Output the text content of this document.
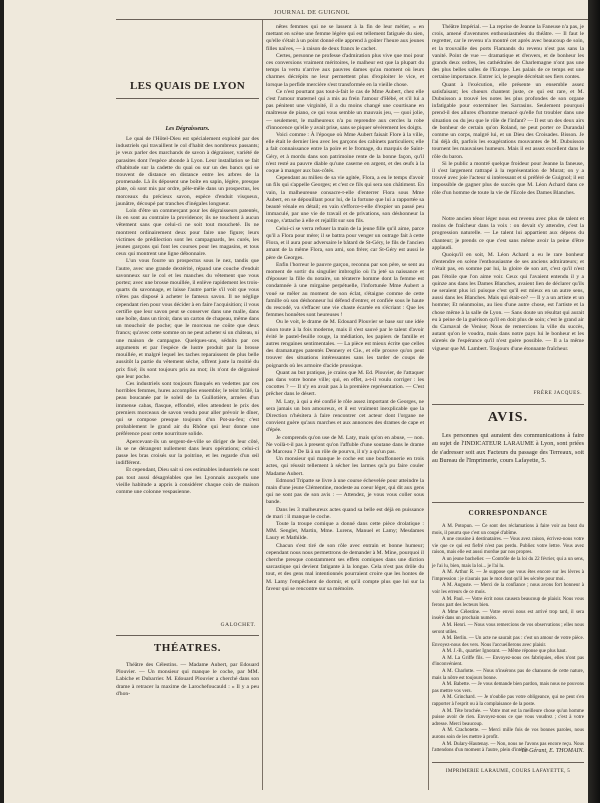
JOURNAL DE GUIGNOL
LES QUAIS DE LYON
Les Dégraisseurs.

Le quai de l'Hôtel-Dieu est spécialement exploité par des industriels qui travaillent le col d'habit des nombreux passants; je veux parler des marchands de savon à dégraisser, variété de parasites dont l'espèce abonde à Lyon. Leur installation se fait d'habitude sur la cadette du quai ou sur un des bancs qui se trouvent de distance en distance entre les arbres de la promenade. Là ils déposent une boîte en sapin, légère, presque plate, où sont mis par ordre, pêle-mêle dans un prospectus, les morceaux du précieux savon, espèce d'enduit visqueux, jaunâtre, découpé par tranches d'inégales longueur.

Loin d'être un commerçant pour les dégraisseurs patentés, ils en sont au contraire la providence; ils ne touchent à aucun vêtement sans que celui-ci ne soit tout moucheté. Ils ne montrent ordinairement deux pour faire une figure; leurs victimes de prédilection sont les campagnards, les curés, les jeunes garçons qui font les courses pour les magasins, et tous ceux qui montrent une ligne débonnaire.

L'un vous fourre un prospectus sous le nez, tandis que l'autre, avec une grande dextérité, répand une couche d'enduit savonneux sur le col et les manches du vêtement que vous portez; avec une brosse mouillée, il enlève rapidement les trois-quarts du savonnage, et laisse l'autre partie s'il voit que vous n'êtes pas disposé à acheter le fameux savon. Il ne néglige cependant rien pour vous décider à en faire l'acquisition; il vous certifie que leur savon peut se conserver dans une malle, dans une boîte, dans un tiroir, dans un carton de chapeau, même dans un mouchoir de poche; que le morceau ne coûte que deux francs; qu'avec cette somme on ne peut acheter si un château, ni une maison de campagne. Quelques-uns, séduits par ces arguments et par l'espèce de lustre produit par la brosse mouillée, et malgré lequel les taches reparaissent de plus belle aussitôt la partie du vêtement sèche, offrent juste la moitié du prix fixé; ils sont toujours pris au mot; ils n'ont de dégraissé que leur poche.

Ces industriels sont toujours flanqués en vedettes par ces horribles femmes, hures accomplies ensemble; le teint brûlé, la peau boucanée par le soleil de la Guillotière, armées d'un immense cabas, flasque, effondré, elles attendent le prix des premiers morceaux de savon vendu pour aller prévoir le dîner, qui se compose presque toujours d'un Pot-au-feu; c'est probablement le grand air du Rhône qui leur donne une préférence pour cette nourriture solide.

Apercevant-ils un sergent-de-ville se diriger de leur côté, ils se ne dérangent nullement dans leurs opérations; celui-ci passe les bras croisés sur la poitrine, et les regarde d'un œil indifférent.

Et cependant, Dieu sait si ces estimables industriels ne sont pas tout aussi désagréables que les Lyonnais auxquels une vieille habitude a appris à considérer chaque coin de maison comme une colonne vespasienne.

GALOCHET.
THÉATRES.

Théâtre des Célestins. — Madame Aubert, par Edouard Plouvier. — Un monsieur qui manque le coche, par MM. Labiche et Dubarrier. M. Edouard Plouvier a cherché dans son drame à retracer la maxime de Larochefoucauld : « Il y a peu d'hon-

nêtes femmes qui ne se lassent à la fin de leur métier, » en mettant en scène une femme légère qui est tellement fatiguée du sien, qu'elle s'était à un point donné elle apprend à goûter l'heure aux jeunes filles naïves, — à raison de deux francs le cachet.

Certes, personne ne professe d'admiration plus vive que moi pour ces conversions vraiment méritoires, le malheur est que la plupart du temps la vertu n'arrive aux pauvres dames qu'au moment où leurs charmes décrépits ne leur permettent plus d'exploiter le vice, et lorsque la perfide mercière s'est transformée en la vieille chose.

Ce n'est pourtant pas tout-à-fait le cas de Mme Aubert, chez elle c'est l'amour maternel qui a mis au frein l'amour d'Hébé, et s'il lui a pas pénitent une virginité, il a du moins changé une courtisane en maîtresse de piano, ce qui vous semble un mauvais jeu, — quoi jolie, — seulement, le malheureux n'a pu reprendre aux cercles la robe d'innocence qu'elle y avait prise, sans se piquer sévèrement les doigts.

Voici comme : À l'époque où Mme Aubert faisait Flore à la ville, elle était le dernier lieu avec les garçons des cabinets particuliers; elle a fait connaissance entre la poire et le fromage, du marquis de Saint-Géry, et à mordu dans son patrimoine rente de la bonne façon, qu'il n'est resté au pauvre diable qu'une caserne en argent, et des œufs à la coque à manger aux bas-côtés.

Cependant au milieu de sa vie agitée, Flora, a eu le temps d'avoir un fils qui s'appelle Georges; et c'est ce fils qui sera son châtiment. En vain, la malheureuse consacre-t-elle d'enterrer Flora sous Mme Aubert, en se dépouillant pour lui, de la fortune que lui a rapportée sa beauté vénale en détail; en vain s'efforce-t-elle d'expier un passé peu immaculé, par une vie de travail et de privations, son déshonneur la ronge, s'attache à elle et rejaillit sur son fils.

Celui-ci se verra refuser la main de la jeune fille qu'il aime, parce qu'il a Flora pour mère; il se battra pour venger un outrage fait à cette Flora, et il aura pour adversaire le bâtard de St-Géry, le fils de l'ancien amant de la même Flora, son ami, son frère; car St-Géry est aussi le père de Georges.

Enfin l'horreur le pauvre garçon, reconnu par son père, se sent au moment de sortir du singulier imbroglio où l'a jeté sa naissance et d'épouser la fille du notaire, un tératerre homme dont la femme est condamnée à une mirgaine perpétuelle, l'infortunée Mme Aubert a voué se mêler au moment de son éclat, s'étaigne comme de cette famille où son déshonneur lui défend d'entrer, et confiée sous le haute du rescodé, va s'effacer une vie chaste écartée en s'écriant : Que les femmes honnêtes sont heureuses !

Ou le voit, le drame de M. Edouard Plouvier se base sur une idée sinon toute à la fois moderne, mais il s'est sauvé par le talent d'avoir évité le pastel-feuille rouge, la médiation, les papiers de famille et autres rengaines sentimentales. — La pièce est mieux écrite que celles des dramaturges patentés Dennery et Cie., et elle prouve qu'on peut trouver des situations intéressantes sans les tarder de coups de poignards où les armoire d'acide prussique.

Quant au but pratique, je crains que M. Ed. Plouvier, de l'attaquer pas dans votre bonne ville; qui, en effet, a-t-il voulu corriger : les cocottes ? — Il n'y en avait pas à la première représentation. — C'est prêcher dans le désert.

M. Laty, à qui a été confié le rôle assez important de Georges, ne sera jamais un bon amoureux, et il est vraiment inexplicable que la Direction n'hésitera à faire rencontrer cet acteur dont l'organe ne convient guère qu'aux marches et aux annonces des drames de cape et d'épée.

Je comprends qu'on use de M. Laty, mais qu'on en abuse, — non. Ne voilà-t-il pas à present qu'on l'affuble d'une soutane dans le drame de Marceau ? De là à un rôle de pourvu, il n'y a qu'un pas.

Un monsieur qui manque le coche est une bouffonnerie en trois actes, qui réussit tellement à sécher les larmes qu'a pu faire couler Madame Aubert.

Edmond Tripatte se livre à une course échevelée pour atteindre la main d'une jeune Clémentine, modeste au coeur léger, qui dit aux gens qui ne sont pas de son avis : — Attendez, je vous vous coller sous bande.

Dans les 3 malheureux actes quand sa belle est déjà en puissance de mari : il manque le coche.

Toute la troupe comique a donné dans cette pièce drolatique : MM. Senglet, Martin, Mme. Lurens, Manuel et Lamy; Mesdames Laury et Mathilde.

Chacun s'est tiré de son rôle avec entrain et bonne humeur; cependant nous nous permettrons de demander à M. Mine, pourquoi il cherche presque constamment ses effets comiques dans une diction sarcastique qui devient fatigante à la longue. Cela n'est pas drôle du tout, et des gens mal intentionnés pourraient croire que les hontes de M. Lamy l'empêchent de dormir, et qu'il compte plus que lui sur la faveur qui se rencontre sur sa mémoire.

Théâtre Impérial. — La reprise de Jeanne la Faneuse n'a pas, je crois, amené d'aventures enthousiasmées du théâtre. — Il faut le regretter, car le revenu n'a montré cet après avec beaucoup de soin, et la trouvaille des ports Flamands du revenu n'est pas sans la vanité. Point de vue — dramatique et d'envers, et de bonheur les grands deux ordres, les cathédrales de Charlemagne n'ont pas une des plus belles salles de l'Europe. Les palais de ce temps est une certaine importance. Entrer ici, le peuple décrétait ses fiers contes.

Quant à l'exécution, elle présente un ensemble assez satisfaisant; les chœurs chantent juste, ce qui est rare, et M. Dubuisson a trouvé les notes les plus profondes de son organe infatigable pour exterminer les Sarrasins. Seulement pourquoi prend-il des allures d'homme menacé qu'elle fut troubler dans une situation ou du jeu que le rôle de l'infant? — Il est un des deux airs de bonheur de certain qu'on Roland, ne peut porter ce Durandal comme un corps, malgré lui, et un Dieu des Croisades. Bisson. Je l'ai déjà dit, parfois les exagérations mouvantes de M. Dubuisson tournent les mauvaises humeurs. Mais il est assez excellent dans le rôle du baron.

Si le public a montré quelque froideur pour Jeanne la faneuse, il s'est largement rattrapé à la représentation de Murat; on y a trouvé avec joie l'acteur si intéressant et si préféré de Guignol; il est impossible de gagner plus de succès que M. Léon Achard dans ce rôle d'un homme de toute la vie de l'Ecole des Dames Blanches.

Notre ancien ténor léger nous est revenu avec plus de talent et moins de fraîcheur dans la voix : on devait s'y attendre, c'est la progression naturelle. — Le talent lui appartient aux dépens du chanteur; je prends ce que c'est sans même avoir la peine d'être applaudi.

Quoiqu'il en soit, M. Léon Achard a eu le rare bonheur d'entendre en scène l'enthousiasme de ses anciens admirateurs; et n'était pas, en somme par lui, la gloire de son art, c'est qu'il n'est pas l'étoile que l'on aime voir. Ceux qui l'avaient entendu il y a quinze ans dans les Dames Blanches, avaient lien de déclarer qu'ils ne seraient plus ici puisque c'est qu'il est mieux en un autre sens, aussi dans les Blanches. Mais qui était-ce? — Il y a un artiste et un homme; Et néanmoins, au lieu d'une autre chose, est l'artiste et la chose même à la salle de Lyon. — Sans doute un résultat qui aurait eu à peine de la guérison qu'il en doit plus de soin; c'est le grand air du Carnaval de Venise; Nous de remercions la ville du succès, autant qu'on le voudra, mais dans notre pays lui le bonheur et les sûretés de l'espérance qu'il n'est guère possible. — Il a la même vigueur que M. Lambert. Toujours d'une étonnante fraîcheur.

FRÈRE JACQUES.
AVIS.

Les personnes qui auraient des communications à faire au sujet de l'INDICATEUR LARAUME à Lyon, sont priées de s'adresser soit aux Facteurs du passage des Terreaux, soit au Bureau de l'Imprimerie, cours Lafayette, 5.

CORRESPONDANCE

A M. Potopun. — Ce sont des réclamations à faire voir au bout du mois, il pourra que c'est un coupé d'abîme.

A une cousine à destinataires. — Vous avez raison, écrivez-nous votre vie que ce qui est fiefré n'est pas perdu. Publiez votre lettre. Vous avez raison, mais elle est aussi mordue par nos propres.

A un jeune bachelier. — Contrôle de la loi du 22 février, qui a un sens, je l'ai lu, bien, mais la loi... je l'ai lu.

A M. Arthur R. — Je suppose que vous êtes encore sur les lèvres à l'impression : je n'aurais pas le mot dont qu'il les sécrète pour moi.

A M. Auguste. — Merci de la confiance ; nous avons fort honneur à voir les erreurs de ce mois.

A M. Paul. — Votre écrit nous causera beaucoup de plaisir. Nous vous ferons part des lecteurs bien.

A Mme Célestine. — Votre envoi nous est arrivé trop tard, il sera inséré dans un prochain numéro.

A M. Henri. — Nous vous remercions de vos observations ; elles nous seront utiles.

A M. Berlin. — Un acte ne saurait pas : c'est un amour de votre pièce. Envoyez-nous des vers. Nous l'accueillerons avec plaisir.

A M. J.-B., quartier Ignorant. — Même réponse que plus haut.

A M. La Griffe fils. — Envoyez-nous ces fabriquies, elles n'ont pas d'inconvénient.

A M. Charlotte. — Nous n'insérons pas de chansons de cette nature, mais la nôtre est toujours bonne.

A M. Babette. — Je vous demande bien pardon, mais nous ne pouvons pas mettre vos vers.

A M. Grinchard. — Je n'oublie pas votre obligeance, qui ne peut s'en rapporter à l'esprit ou à la complaisance de la poste.

A M. Tête brochée. — Votre mot est la meilleure chose qu'un homme puisse avoir de rien. Envoyez-nous ce que vous voudrez ; c'est à votre adresse. Merci beaucoup.

A M. Crachotette. — Merci mille fois de vos bonnes paroles, nous aurons soin de les mettre à profit.

A M. Dulary-Hautenay. — Non, nous ne l'avons pas encore reçu. Nous l'attendons d'un moment à l'autre, plein d'intérêt.

Le Gérant, E. THOMAIN.
IMPRIMERIE LARAUME, COURS LAFAYETTE, 5
